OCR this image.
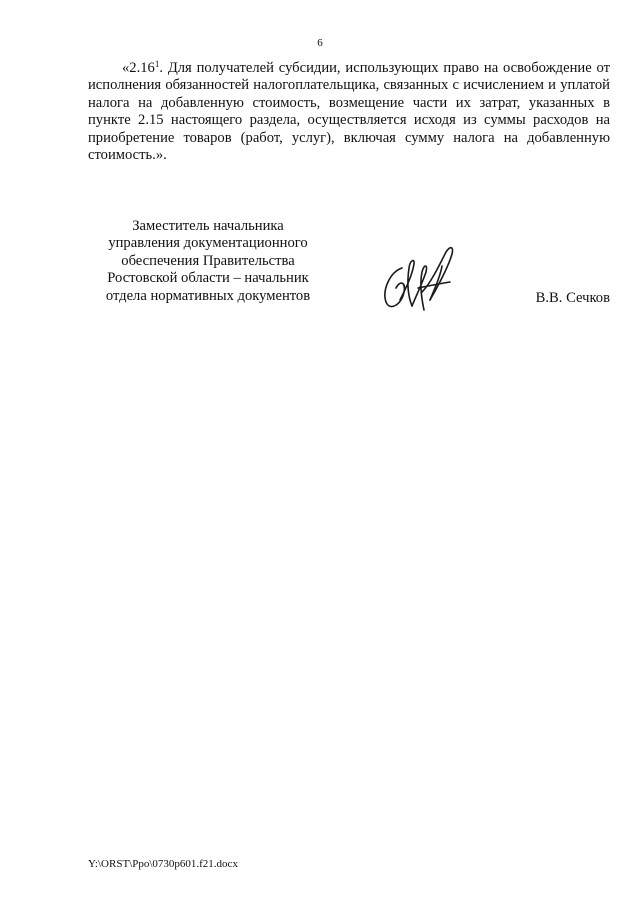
6

«2.16$^1$. Для получателей субсидии, использующих право на освобождение от исполнения обязанностей налогоплательщика, связанных с исчислением и уплатой налога на добавленную стоимость, возмещение части их затрат, указанных в пункте 2.15 настоящего раздела, осуществляется исходя из суммы расходов на приобретение товаров (работ, услуг), включая сумму налога на добавленную стоимость.».

Заместитель начальника
управления документационного
обеспечения Правительства
Ростовской области – начальник
отдела нормативных документов	В.В. Сечков
Y:\ORST\Ppo\0730p601.f21.docx
